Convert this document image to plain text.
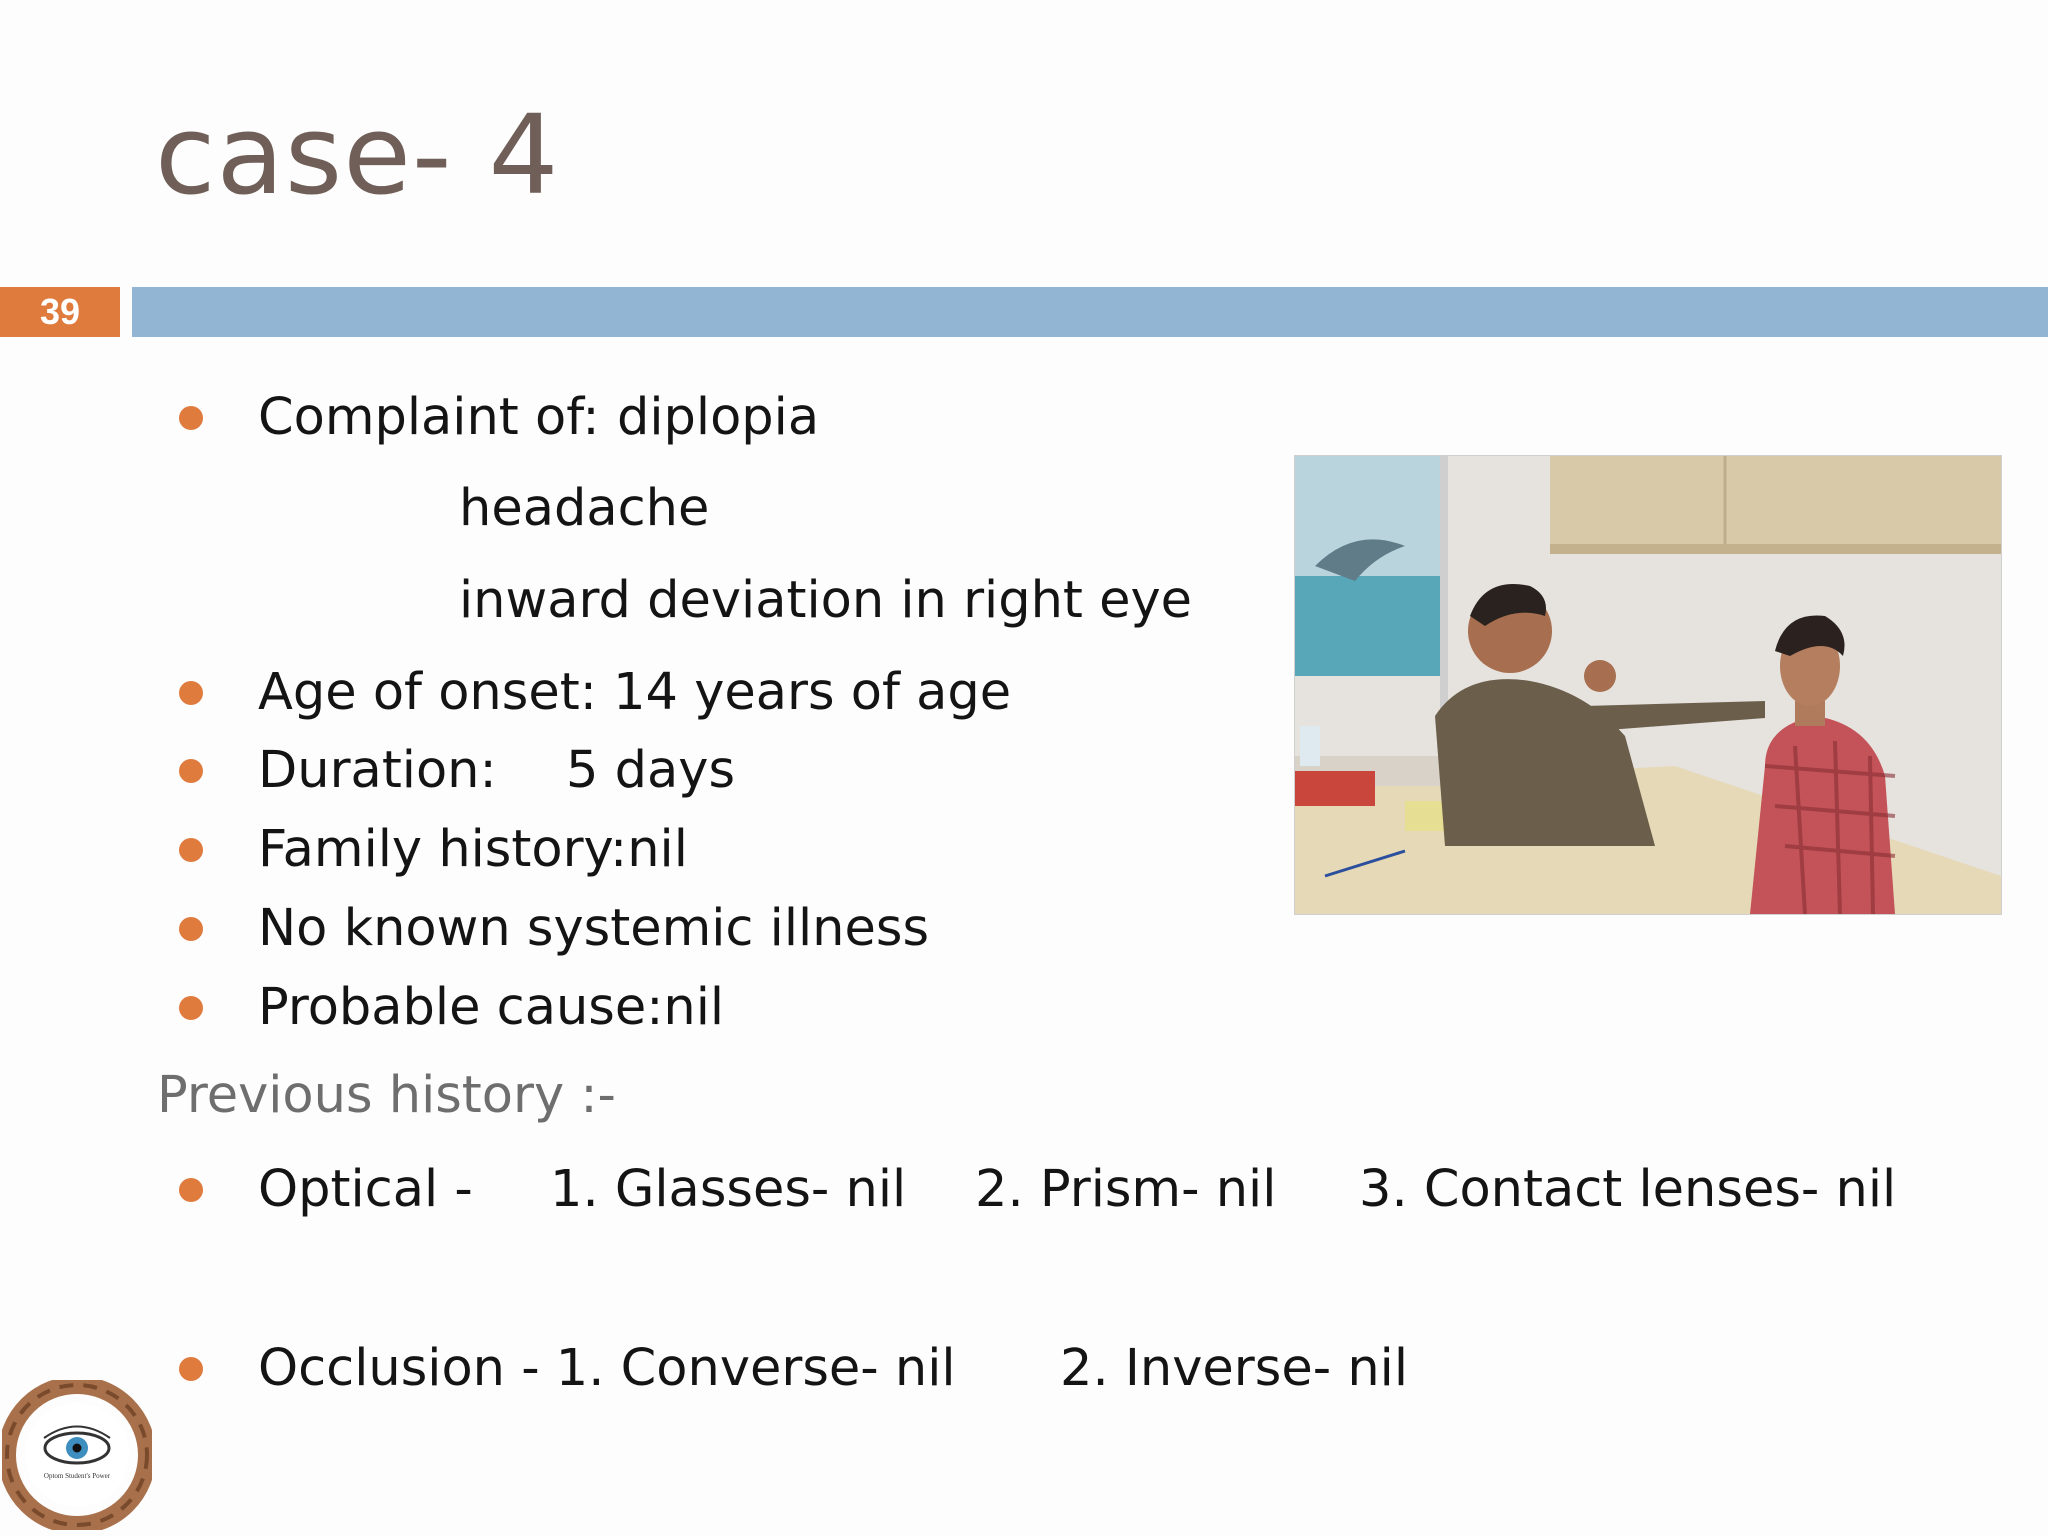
case- 4
39
Complaint of: diplopia
headache
inward deviation in right eye
Age of onset: 14 years of age
Duration: 5 days
Family history:nil
No known systemic illness
Probable cause:nil
Previous history :-
Optical - 1. Glasses- nil 2. Prism- nil 3. Contact lenses- nil
Occlusion - 1. Converse- nil 2. Inverse- nil
Optom Student's Power
